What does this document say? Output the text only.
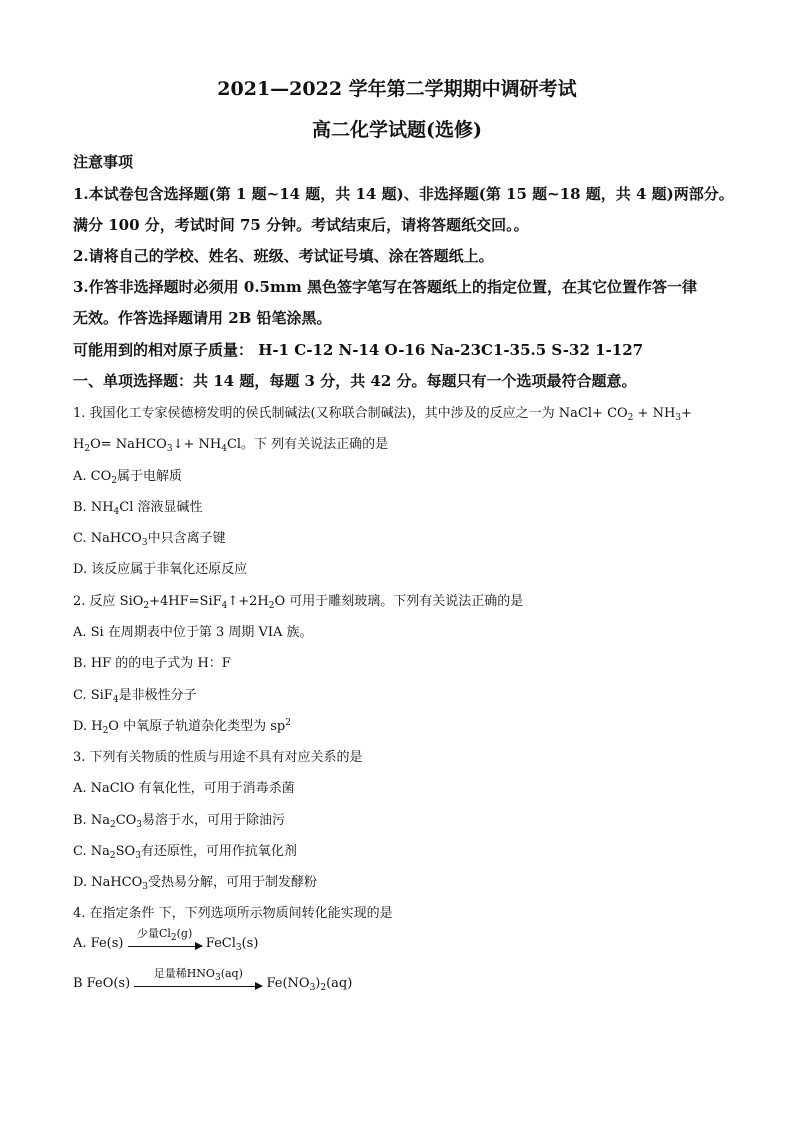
2021—2022 学年第二学期期中调研考试
高二化学试题(选修)
注意事项
1.本试卷包含选择题(第 1 题~14 题，共 14 题)、非选择题(第 15 题~18 题，共 4 题)两部分。
满分 100 分，考试时间 75 分钟。考试结束后，请将答题纸交回。。
2.请将自己的学校、姓名、班级、考试证号填、涂在答题纸上。
3.作答非选择题时必须用 0.5mm 黑色签字笔写在答题纸上的指定位置，在其它位置作答一律
无效。作答选择题请用 2B 铅笔涂黑。
可能用到的相对原子质量： H-1 C-12 N-14 O-16 Na-23C1-35.5 S-32 1-127
一、单项选择题：共 14 题，每题 3 分，共 42 分。每题只有一个选项最符合题意。
1. 我国化工专家侯德榜发明的侯氏制碱法(又称联合制碱法)，其中涉及的反应之一为 NaCl+ $CO_2 + NH_3+$
$H_2O=$ NaHCO$_3$↓+ $NH_4Cl$。下 列有关说法正确的是
A. $CO_2$属于电解质
B. $NH_4Cl$ 溶液显碱性
C. NaHCO$_3$中只含离子键
D. 该反应属于非氧化还原反应
2. 反应 $SiO_2+4HF=SiF_4↑+2H_2O$ 可用于雕刻玻璃。下列有关说法正确的是
A. Si 在周期表中位于第 3 周期 VIA 族。
B. HF 的的电子式为 H：F
C. SiF$_4$是非极性分子
D. $H_2O$ 中氧原子轨道杂化类型为 $sp^2$
3. 下列有关物质的性质与用途不具有对应关系的是
A. NaClO 有氧化性，可用于消毒杀菌
B. $Na_2CO_3$易溶于水，可用于除油污
C. $Na_2SO_3$有还原性，可用作抗氧化剂
D. NaHCO$_3$受热易分解，可用于制发酵粉
4. 在指定条件 下，下列选项所示物质间转化能实现的是
A. Fe(s)
少量$Cl_2(g)$
FeCl$_3$(s)
B FeO(s)
足量稀$HNO_3(aq)$
$Fe(NO_3)_2(aq)$
